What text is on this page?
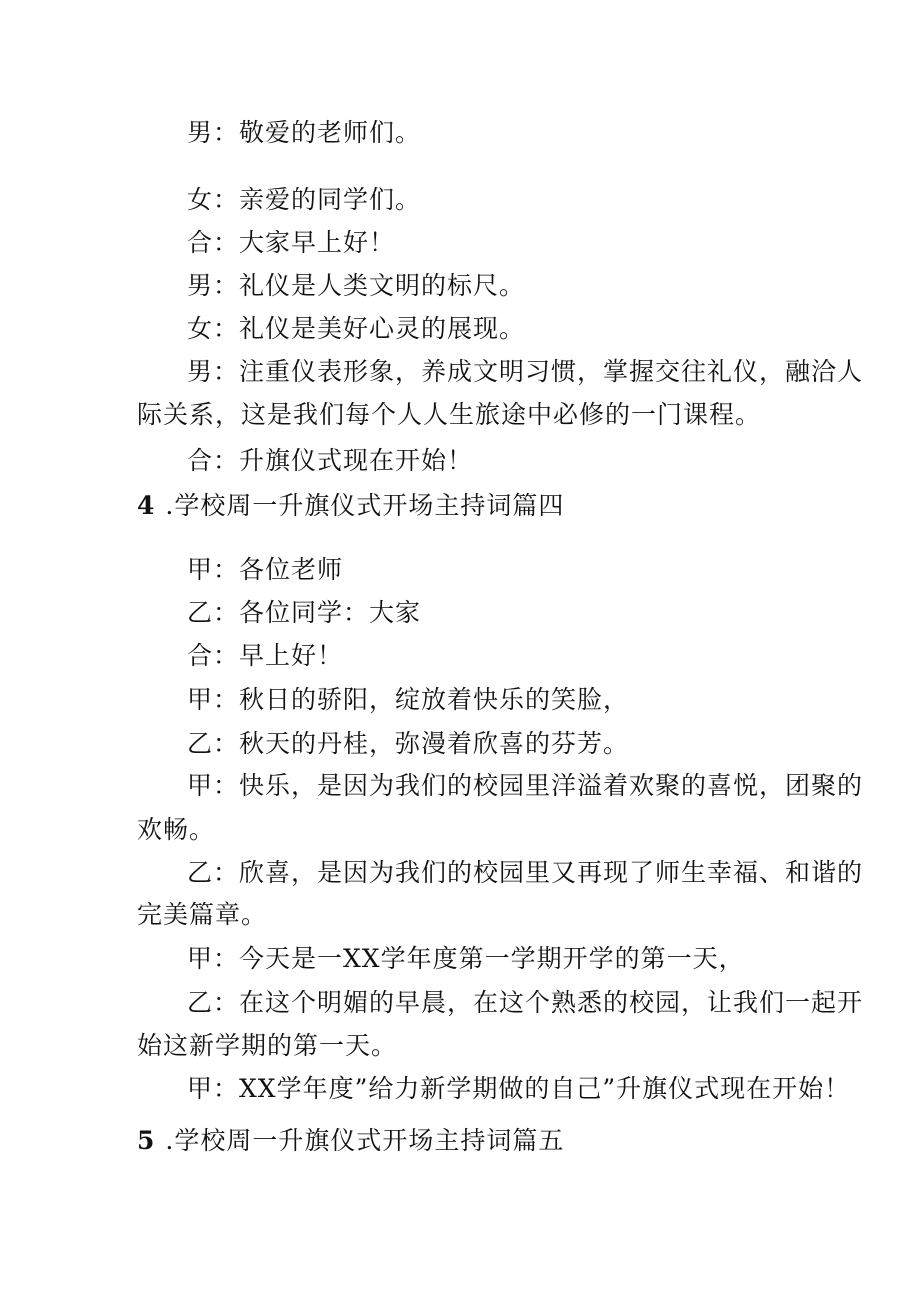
男：敬爱的老师们。
女：亲爱的同学们。
合：大家早上好！
男：礼仪是人类文明的标尺。
女：礼仪是美好心灵的展现。
男：注重仪表形象，养成文明习惯，掌握交往礼仪，融洽人
际关系，这是我们每个人人生旅途中必修的一门课程。
合：升旗仪式现在开始！
4 .学校周一升旗仪式开场主持词篇四
甲：各位老师
乙：各位同学：大家
合：早上好！
甲：秋日的骄阳，绽放着快乐的笑脸，
乙：秋天的丹桂，弥漫着欣喜的芬芳。
甲：快乐，是因为我们的校园里洋溢着欢聚的喜悦，团聚的
欢畅。
乙：欣喜，是因为我们的校园里又再现了师生幸福、和谐的
完美篇章。
甲：今天是一XX学年度第一学期开学的第一天，
乙：在这个明媚的早晨，在这个熟悉的校园，让我们一起开
始这新学期的第一天。
甲：XX学年度”给力新学期做的自己”升旗仪式现在开始！
5 .学校周一升旗仪式开场主持词篇五
